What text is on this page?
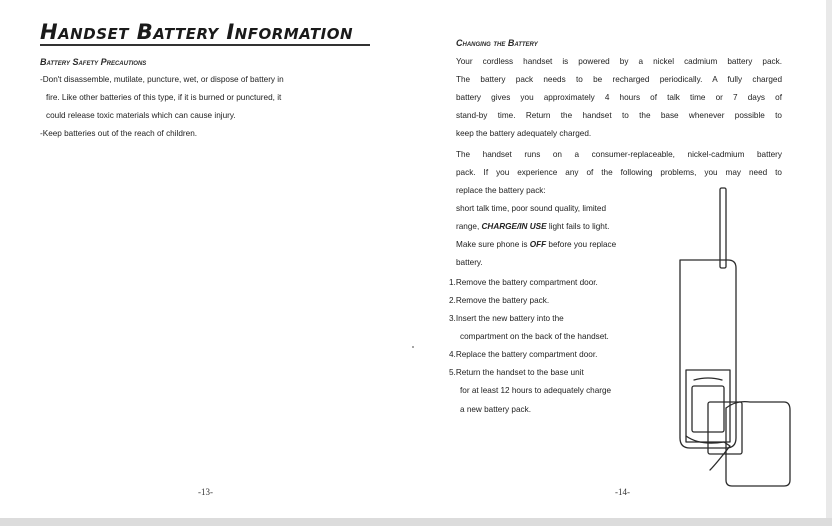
Handset Battery Information
Battery Safety Precautions

-Don't disassemble, mutilate, puncture, wet, or dispose of battery in

fire. Like other batteries of this type, if it is burned or punctured, it

could release toxic materials which can cause injury.

-Keep batteries out of the reach of children.

-13-
Changing the Battery

Your cordless handset is powered by a nickel cadmium battery pack.

The battery pack needs to be recharged periodically. A fully charged

battery gives you approximately 4 hours of talk time or 7 days of

stand-by time. Return the handset to the base whenever possible to

keep the battery adequately charged.

The handset runs on a consumer-replaceable, nickel-cadmium battery

pack. If you experience any of the following problems, you may need to

replace the battery pack:

short talk time, poor sound quality, limited

range, CHARGE/IN USE light fails to light.

Make sure phone is OFF before you replace

battery.

1.Remove the battery compartment door.

2.Remove the battery pack.

3.Insert the new battery into the

compartment on the back of the handset.

4.Replace the battery compartment door.

5.Return the handset to the base unit

for at least 12 hours to adequately charge

a new battery pack.

-14-
